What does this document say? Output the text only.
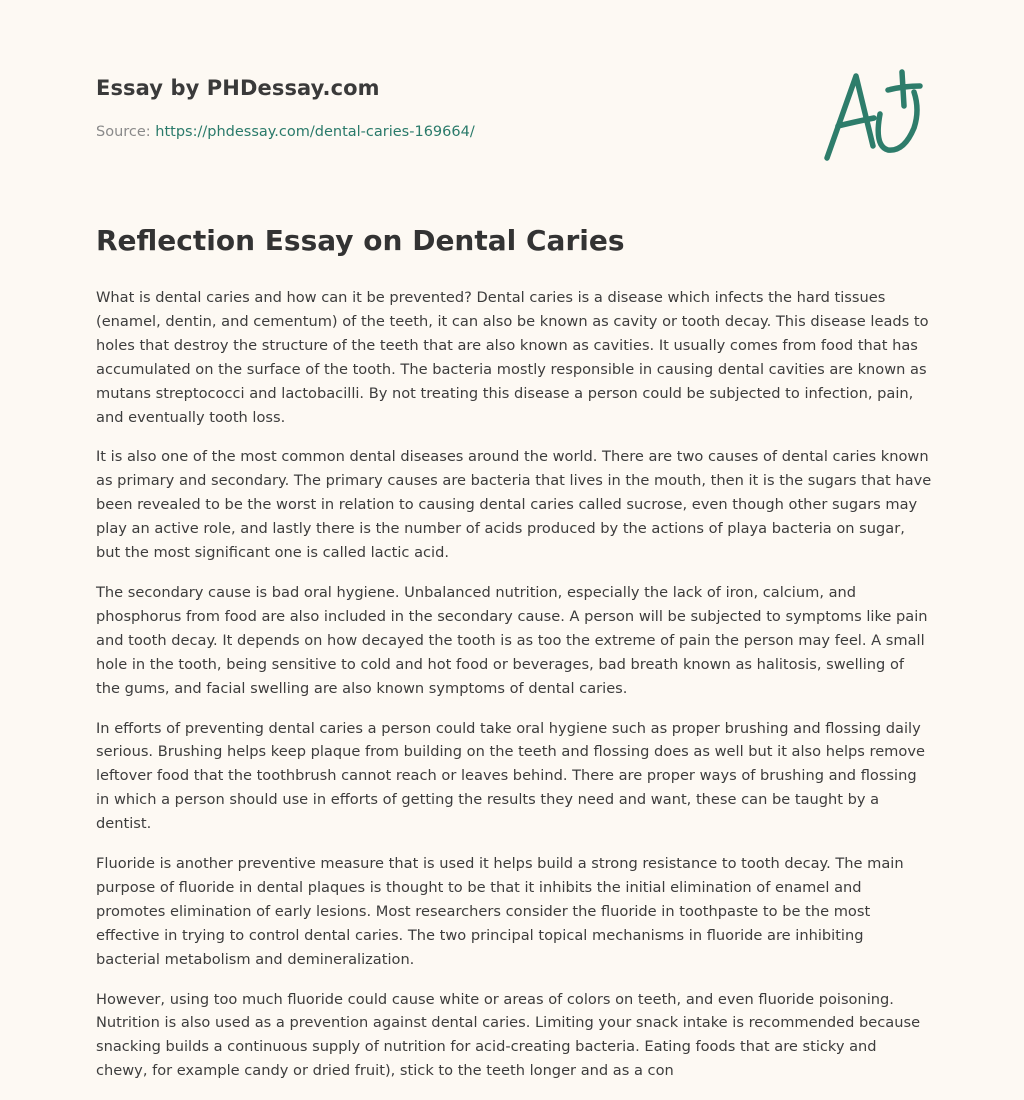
Essay by PHDessay.com
Source: https://phdessay.com/dental-caries-169664/
Reflection Essay on Dental Caries

What is dental caries and how can it be prevented? Dental caries is a disease which infects the hard tissues (enamel, dentin, and cementum) of the teeth, it can also be known as cavity or tooth decay. This disease leads to holes that destroy the structure of the teeth that are also known as cavities. It usually comes from food that has accumulated on the surface of the tooth. The bacteria mostly responsible in causing dental cavities are known as mutans streptococci and lactobacilli. By not treating this disease a person could be subjected to infection, pain, and eventually tooth loss.

It is also one of the most common dental diseases around the world. There are two causes of dental caries known as primary and secondary. The primary causes are bacteria that lives in the mouth, then it is the sugars that have been revealed to be the worst in relation to causing dental caries called sucrose, even though other sugars may play an active role, and lastly there is the number of acids produced by the actions of playa bacteria on sugar, but the most significant one is called lactic acid.

The secondary cause is bad oral hygiene. Unbalanced nutrition, especially the lack of iron, calcium, and phosphorus from food are also included in the secondary cause. A person will be subjected to symptoms like pain and tooth decay. It depends on how decayed the tooth is as too the extreme of pain the person may feel. A small hole in the tooth, being sensitive to cold and hot food or beverages, bad breath known as halitosis, swelling of the gums, and facial swelling are also known symptoms of dental caries.

In efforts of preventing dental caries a person could take oral hygiene such as proper brushing and flossing daily serious. Brushing helps keep plaque from building on the teeth and flossing does as well but it also helps remove leftover food that the toothbrush cannot reach or leaves behind. There are proper ways of brushing and flossing in which a person should use in efforts of getting the results they need and want, these can be taught by a dentist.

Fluoride is another preventive measure that is used it helps build a strong resistance to tooth decay. The main purpose of fluoride in dental plaques is thought to be that it inhibits the initial elimination of enamel and promotes elimination of early lesions. Most researchers consider the fluoride in toothpaste to be the most effective in trying to control dental caries. The two principal topical mechanisms in fluoride are inhibiting bacterial metabolism and demineralization.

However, using too much fluoride could cause white or areas of colors on teeth, and even fluoride poisoning. Nutrition is also used as a prevention against dental caries. Limiting your snack intake is recommended because snacking builds a continuous supply of nutrition for acid-creating bacteria. Eating foods that are sticky and chewy, for example candy or dried fruit), stick to the teeth longer and as a con
